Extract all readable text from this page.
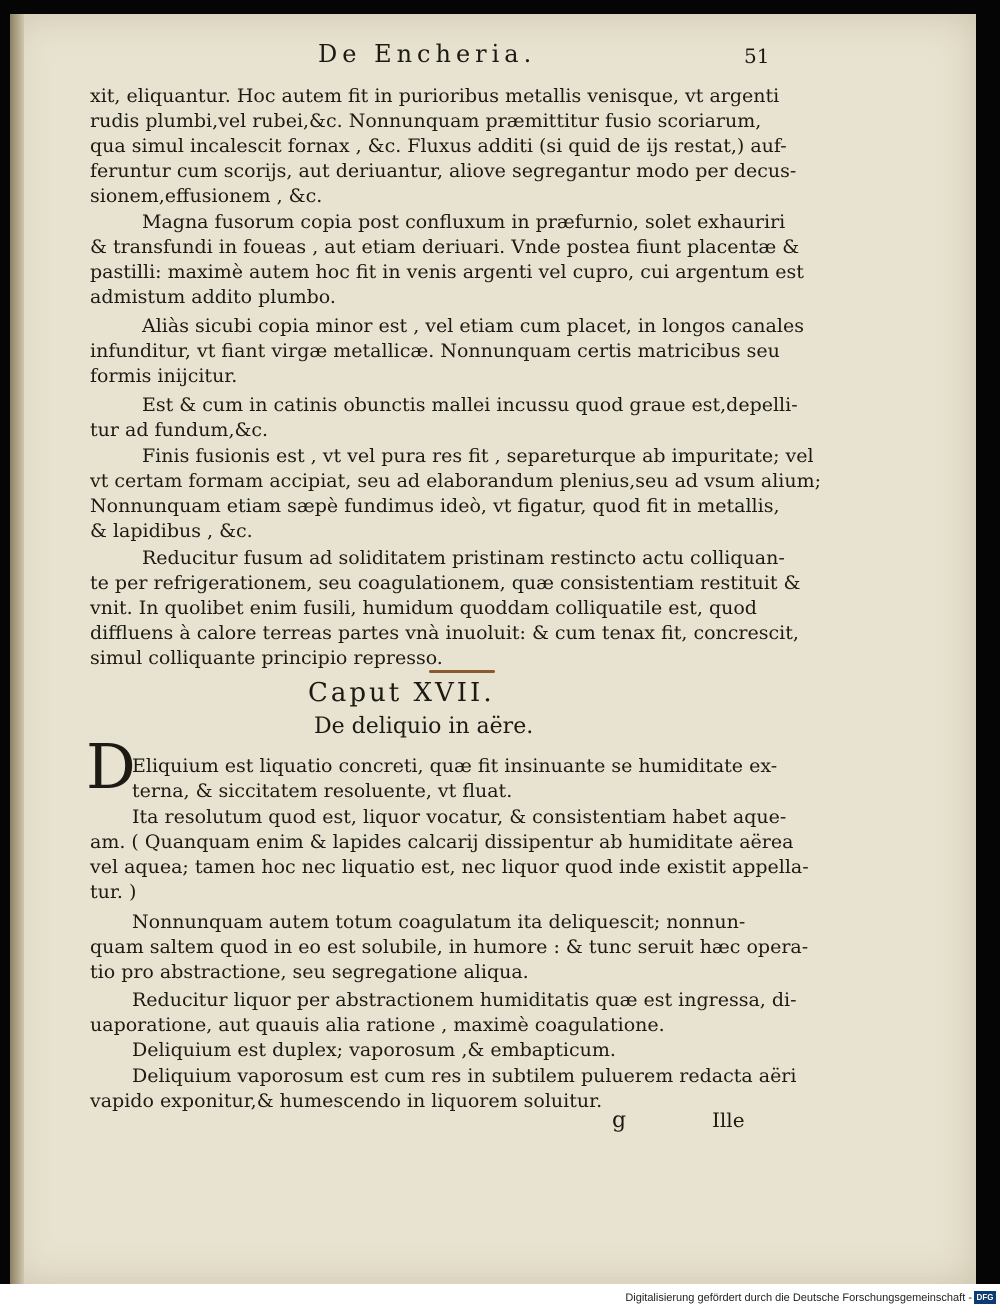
De Encheria.	51
xit, eliquantur. Hoc autem fit in purioribus metallis venisque, vt argenti
rudis plumbi,vel rubei,&c. Nonnunquam præmittitur fusio scoriarum,
qua simul incalescit fornax , &c. Fluxus additi (si quid de ijs restat,) auf-
feruntur cum scorijs, aut deriuantur, aliove segregantur modo per decus-
sionem,effusionem , &c.
Magna fusorum copia post confluxum in præfurnio, solet exhauriri
& transfundi in foueas , aut etiam deriuari. Vnde postea fiunt placentæ &
pastilli: maximè autem hoc fit in venis argenti vel cupro, cui argentum est
admistum addito plumbo.
Aliàs sicubi copia minor est , vel etiam cum placet, in longos canales
infunditur, vt fiant virgæ metallicæ. Nonnunquam certis matricibus seu
formis inijcitur.
Est & cum in catinis obunctis mallei incussu quod graue est,depelli-
tur ad fundum,&c.
Finis fusionis est , vt vel pura res fit , separeturque ab impuritate; vel
vt certam formam accipiat, seu ad elaborandum plenius,seu ad vsum alium;
Nonnunquam etiam sæpè fundimus ideò, vt figatur, quod fit in metallis,
& lapidibus , &c.
Reducitur fusum ad soliditatem pristinam restincto actu colliquan-
te per refrigerationem, seu coagulationem, quæ consistentiam restituit &
vnit. In quolibet enim fusili, humidum quoddam colliquatile est, quod
diffluens à calore terreas partes vnà inuoluit: & cum tenax fit, concrescit,
simul colliquante principio represso.
Caput XVII.
De deliquio in aëre.
D
Eliquium est liquatio concreti, quæ fit insinuante se humiditate ex-
terna, & siccitatem resoluente, vt fluat.
Ita resolutum quod est, liquor vocatur, & consistentiam habet aque-
am. ( Quanquam enim & lapides calcarij dissipentur ab humiditate aërea
vel aquea; tamen hoc nec liquatio est, nec liquor quod inde existit appella-
tur. )
Nonnunquam autem totum coagulatum ita deliquescit; nonnun-
quam saltem quod in eo est solubile, in humore : & tunc seruit hæc opera-
tio pro abstractione, seu segregatione aliqua.
Reducitur liquor per abstractionem humiditatis quæ est ingressa, di-
uaporatione, aut quauis alia ratione , maximè coagulatione.
Deliquium est duplex; vaporosum ,& embapticum.
Deliquium vaporosum est cum res in subtilem puluerem redacta aëri
vapido exponitur,& humescendo in liquorem soluitur.
g	Ille
Digitalisierung gefördert durch die Deutsche Forschungsgemeinschaft - DFG
